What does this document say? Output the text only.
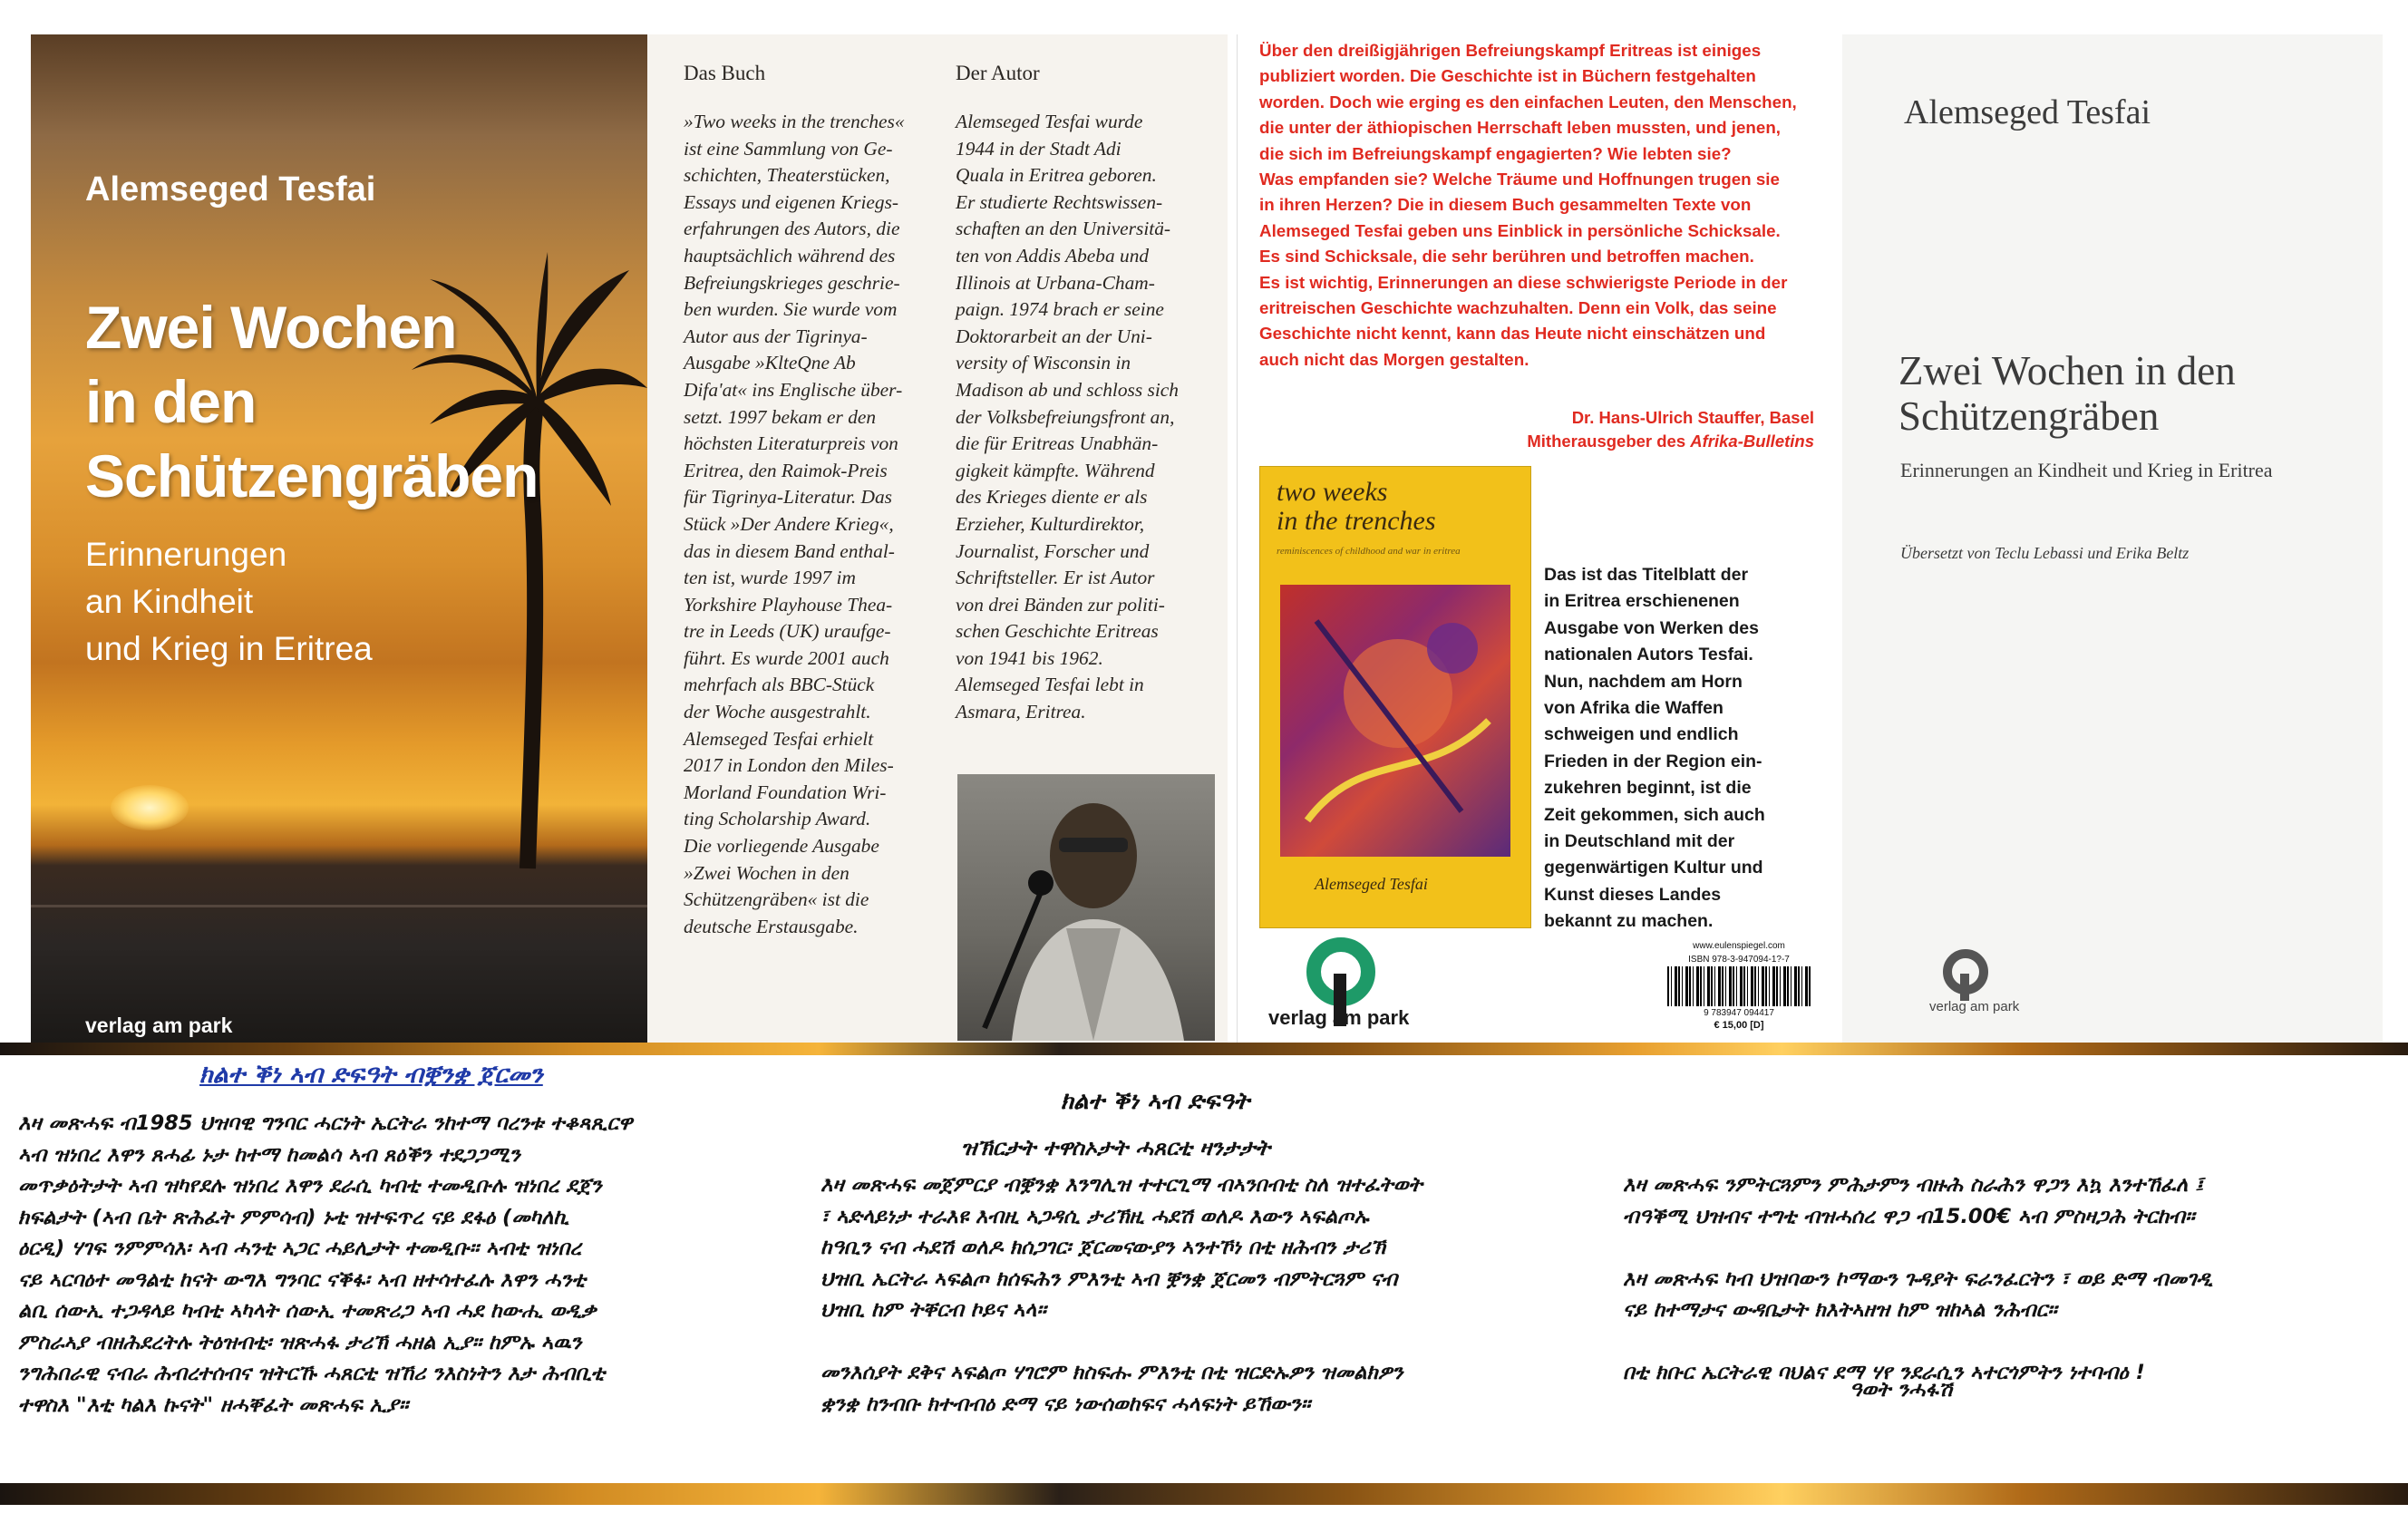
Alemseged Tesfai
Zwei Wochen
in den
Schützengräben
Erinnerungen
an Kindheit
und Krieg in Eritrea
verlag am park
Das Buch
»Two weeks in the trenches«
ist eine Sammlung von Ge-
schichten, Theaterstücken,
Essays und eigenen Kriegs-
erfahrungen des Autors, die
hauptsächlich während des
Befreiungskrieges geschrie-
ben wurden. Sie wurde vom
Autor aus der Tigrinya-
Ausgabe »KlteQne Ab
Difa'at« ins Englische über-
setzt. 1997 bekam er den
höchsten Literaturpreis von
Eritrea, den Raimok-Preis
für Tigrinya-Literatur. Das
Stück »Der Andere Krieg«,
das in diesem Band enthal-
ten ist, wurde 1997 im
Yorkshire Playhouse Thea-
tre in Leeds (UK) uraufge-
führt. Es wurde 2001 auch
mehrfach als BBC-Stück
der Woche ausgestrahlt.
Alemseged Tesfai erhielt
2017 in London den Miles-
Morland Foundation Wri-
ting Scholarship Award.
Die vorliegende Ausgabe
»Zwei Wochen in den
Schützengräben« ist die
deutsche Erstausgabe.
Der Autor
Alemseged Tesfai wurde
1944 in der Stadt Adi
Quala in Eritrea geboren.
Er studierte Rechtswissen-
schaften an den Universitä-
ten von Addis Abeba und
Illinois at Urbana-Cham-
paign. 1974 brach er seine
Doktorarbeit an der Uni-
versity of Wisconsin in
Madison ab und schloss sich
der Volksbefreiungsfront an,
die für Eritreas Unabhän-
gigkeit kämpfte. Während
des Krieges diente er als
Erzieher, Kulturdirektor,
Journalist, Forscher und
Schriftsteller. Er ist Autor
von drei Bänden zur politi-
schen Geschichte Eritreas
von 1941 bis 1962.
Alemseged Tesfai lebt in
Asmara, Eritrea.
Über den dreißigjährigen Befreiungskampf Eritreas ist einiges
publiziert worden. Die Geschichte ist in Büchern festgehalten
worden. Doch wie erging es den einfachen Leuten, den Menschen,
die unter der äthiopischen Herrschaft leben mussten, und jenen,
die sich im Befreiungskampf engagierten? Wie lebten sie?
Was empfanden sie? Welche Träume und Hoffnungen trugen sie
in ihren Herzen? Die in diesem Buch gesammelten Texte von
Alemseged Tesfai geben uns Einblick in persönliche Schicksale.
Es sind Schicksale, die sehr berühren und betroffen machen.
Es ist wichtig, Erinnerungen an diese schwierigste Periode in der
eritreischen Geschichte wachzuhalten. Denn ein Volk, das seine
Geschichte nicht kennt, kann das Heute nicht einschätzen und
auch nicht das Morgen gestalten.
Dr. Hans-Ulrich Stauffer, Basel
Mitherausgeber des Afrika-Bulletins
two weeks
in the trenches
reminiscences of childhood and war in eritrea
Alemseged Tesfai
Das ist das Titelblatt der
in Eritrea erschienenen
Ausgabe von Werken des
nationalen Autors Tesfai.
Nun, nachdem am Horn
von Afrika die Waffen
schweigen und endlich
Frieden in der Region ein-
zukehren beginnt, ist die
Zeit gekommen, sich auch
in Deutschland mit der
gegenwärtigen Kultur und
Kunst dieses Landes
bekannt zu machen.
verlag am park
www.eulenspiegel.com
ISBN 978-3-947094-1?-7
9 783947 094417
€ 15,00 [D]
Alemseged Tesfai
Zwei Wochen in den
Schützengräben
Erinnerungen an Kindheit und Krieg in Eritrea
Übersetzt von Teclu Lebassi und Erika Beltz
verlag am park
ክልተ ቕነ ኣብ ድፍዓት ብቛንቋ ጀርመን
እዛ መጽሓፍ ብ1985 ህዝባዊ ግንባር ሓርነት ኤርትራ ንከተማ ባረንቱ ተቆጻጺርዋ
ኣብ ዝነበረ እዋን ጸሓፊ ኑታ ከተማ ከመልሳ ኣብ ጸዕቕን ተደጋጋሚን
መጥቃዕትታት ኣብ ዝካየደሉ ዝነበረ እዋን ደራሲ ካብቲ ተመዲቡሉ ዝነበረ ደጀን
ክፍልታት (ኣብ ቤት ጽሕፈት ምምሳብ) ኑቲ ዝተፍጥረ ናይ ደፋዕ (መካለኪ
ዕርዲ) ሃገፍ ንምምሳእ፡ ኣብ ሓንቲ ኣጋር ሓይሊታት ተመዲቡ። ኣብቲ ዝነበረ
ናይ ኣርባዕተ መዓልቲ ከናት ውግእ ግንባር ናቕፋ፡ ኣብ ዘተሳተፈሉ እዋን ሓንቲ
ልቢ ሰውኢ ተጋዳላይ ካብቲ ኣካላት ሰውኢ ተመጽሪጋ ኣብ ሓደ ከውሒ ወዲቃ
ምስራኣያ ብዘሕደረትሉ ትዕዝብቲ፡ ዝጽሓፋ ታሪኽ ሓዘል ኢያ። ከምኡ ኣዉን
ንግሕበራዊ ናብራ ሕብረተሰብና ዝትርኹ ሓጸርቲ ዝኸሪ ንእስነትን እታ ሕብቢቲ
ተዋስእ "እቲ ካልእ ኩናት" ዘሓቐፈት መጽሓፍ ኢያ።
ክልተ ቕነ ኣብ ድፍዓት
ዝኽርታት ተዋስኦታት ሓጸርቲ ዛንታታት
እዛ መጽሓፍ መጀምርያ ብቛንቋ እንግሊዝ ተተርጊማ ብኣንበብቲ ስለ ዝተፈትወት
፣ ኣድላይነታ ተራእዩ እብዚ ኣጋዳሲ ታሪኽዚ ሓደሽ ወለዶ እውን ኣፍልጦኡ
ከዓቢን ናብ ሓደሽ ወለዶ ክሰጋገር፡ ጀርመናውያን ኣንተኾነ በቲ ዘሕብን ታሪኽ
ህዝቢ ኤርትራ ኣፍልጦ ክሰፍሕን ምእንቲ ኣብ ቛንቋ ጀርመን ብምትርጓም ናብ
ህዝቢ ከም ትቐርብ ኮይና ኣላ።

መንእሰያት ደቅና ኣፍልጦ ሃገሮም ክስፍሑ ምእንቲ በቲ ዝርድኡዎን ዝመልክዎን
ቋንቋ ከንብቡ ክተብብዕ ድማ ናይ ነውሰወከፍና ሓላፍነት ይኸውን።
እዛ መጽሓፍ ንምትርጓምን ምሕታምን ብዙሕ ስራሕን ዋጋን እኳ እንተኸፈለ ፤
ብዓቕሚ ህዝብና ተግቲ ብዝሓሰረ ዋጋ ብ15.00€ ኣብ ምስዛጋሕ ትርከብ።

እዛ መጽሓፍ ካብ ህዝባውን ኮማውን ጉዳያት ፍራንፈርትን ፣ ወይ ድማ ብመገዲ
ናይ ከተማታና ውዳቤታት ክእትኣዘዝ ከም ዝከኣል ንሕብር።

በቲ ክቡር ኤርትራዊ ባህልና ደማ ሃየ ንደራሲን ኣተርጎምትን ነተባብዕ !
ዓወት ንሓፋሽ
